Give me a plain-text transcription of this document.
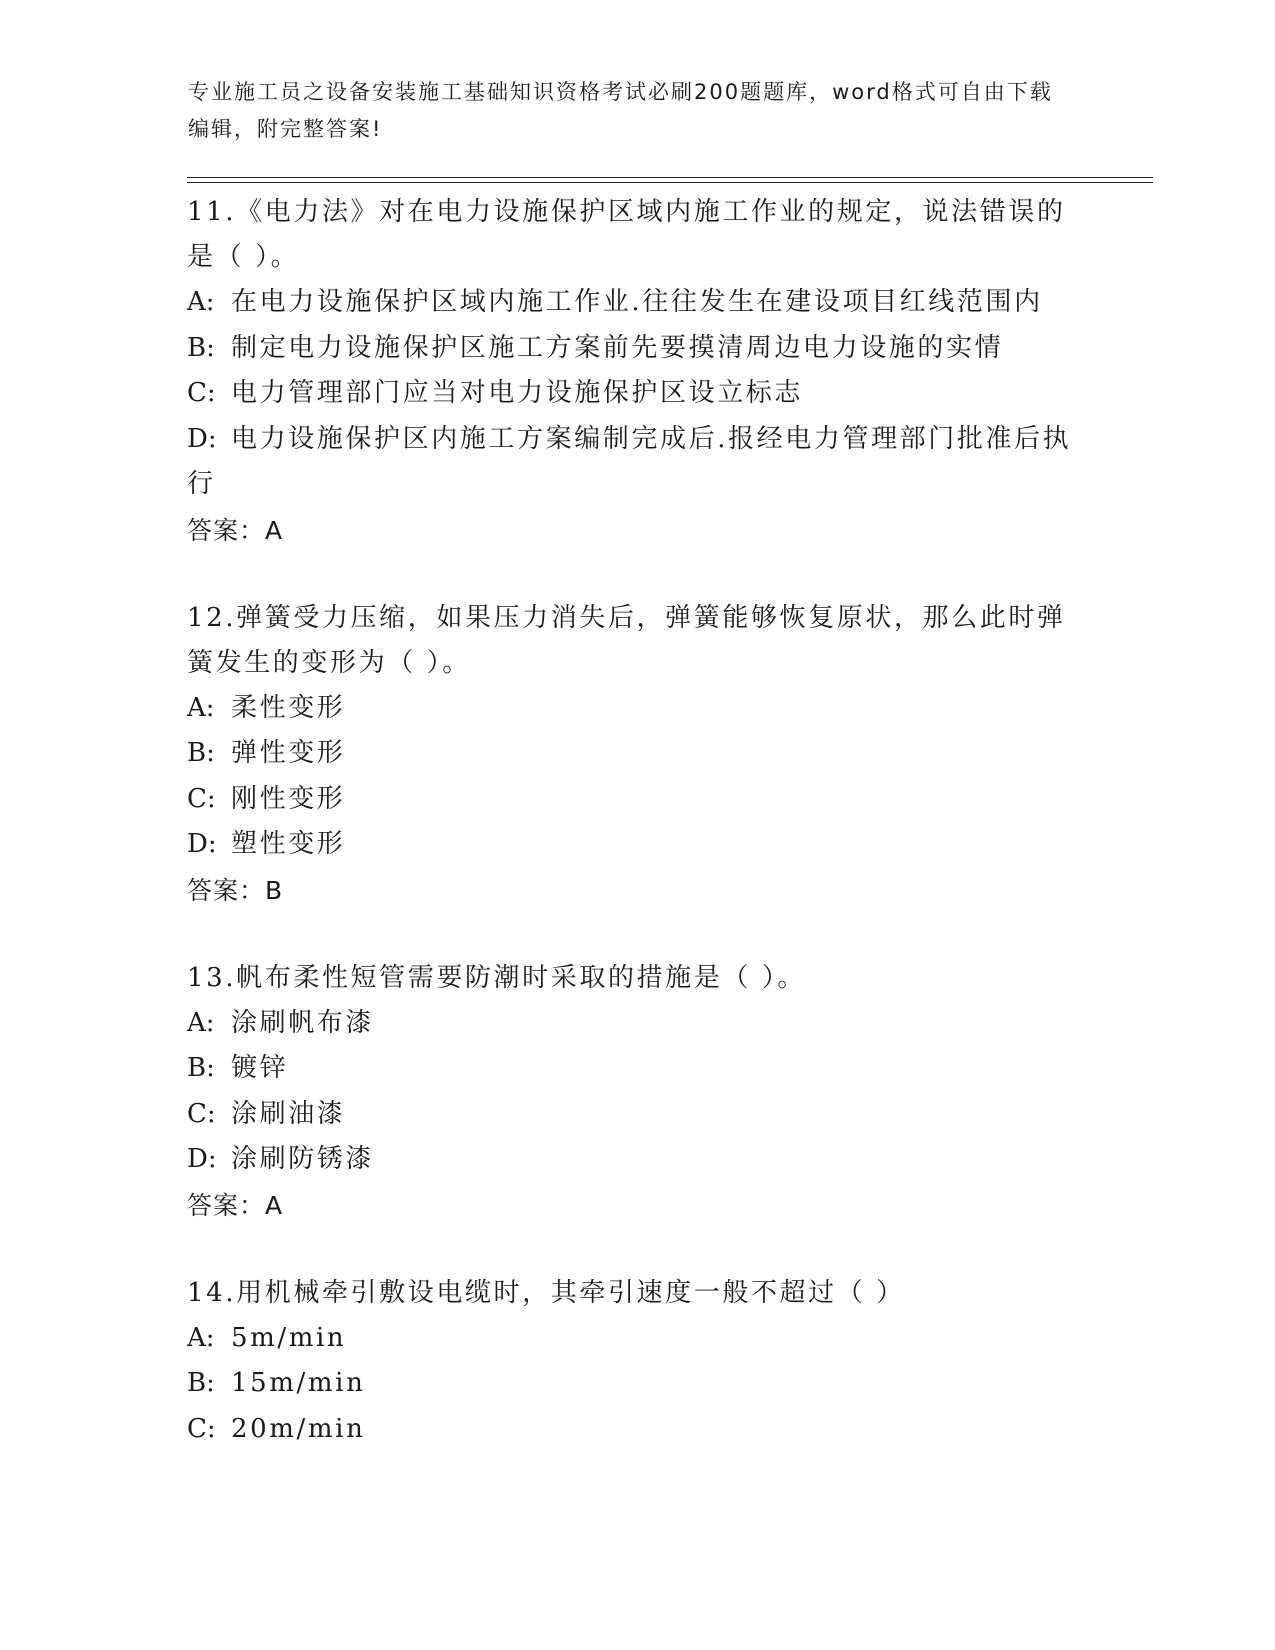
专业施工员之设备安装施工基础知识资格考试必刷200题题库，word格式可自由下载编辑，附完整答案!

11.《电力法》对在电力设施保护区域内施工作业的规定，说法错误的是（ ）。

A: 在电力设施保护区域内施工作业.往往发生在建设项目红线范围内

B: 制定电力设施保护区施工方案前先要摸清周边电力设施的实情

C: 电力管理部门应当对电力设施保护区设立标志

D: 电力设施保护区内施工方案编制完成后.报经电力管理部门批准后执行

答案：A

12.弹簧受力压缩，如果压力消失后，弹簧能够恢复原状，那么此时弹簧发生的变形为（ ）。

A: 柔性变形

B: 弹性变形

C: 刚性变形

D: 塑性变形

答案：B

13.帆布柔性短管需要防潮时采取的措施是（ ）。

A: 涂刷帆布漆

B: 镀锌

C: 涂刷油漆

D: 涂刷防锈漆

答案：A

14.用机械牵引敷设电缆时，其牵引速度一般不超过（ ）

A: 5m/min

B: 15m/min

C: 20m/min
